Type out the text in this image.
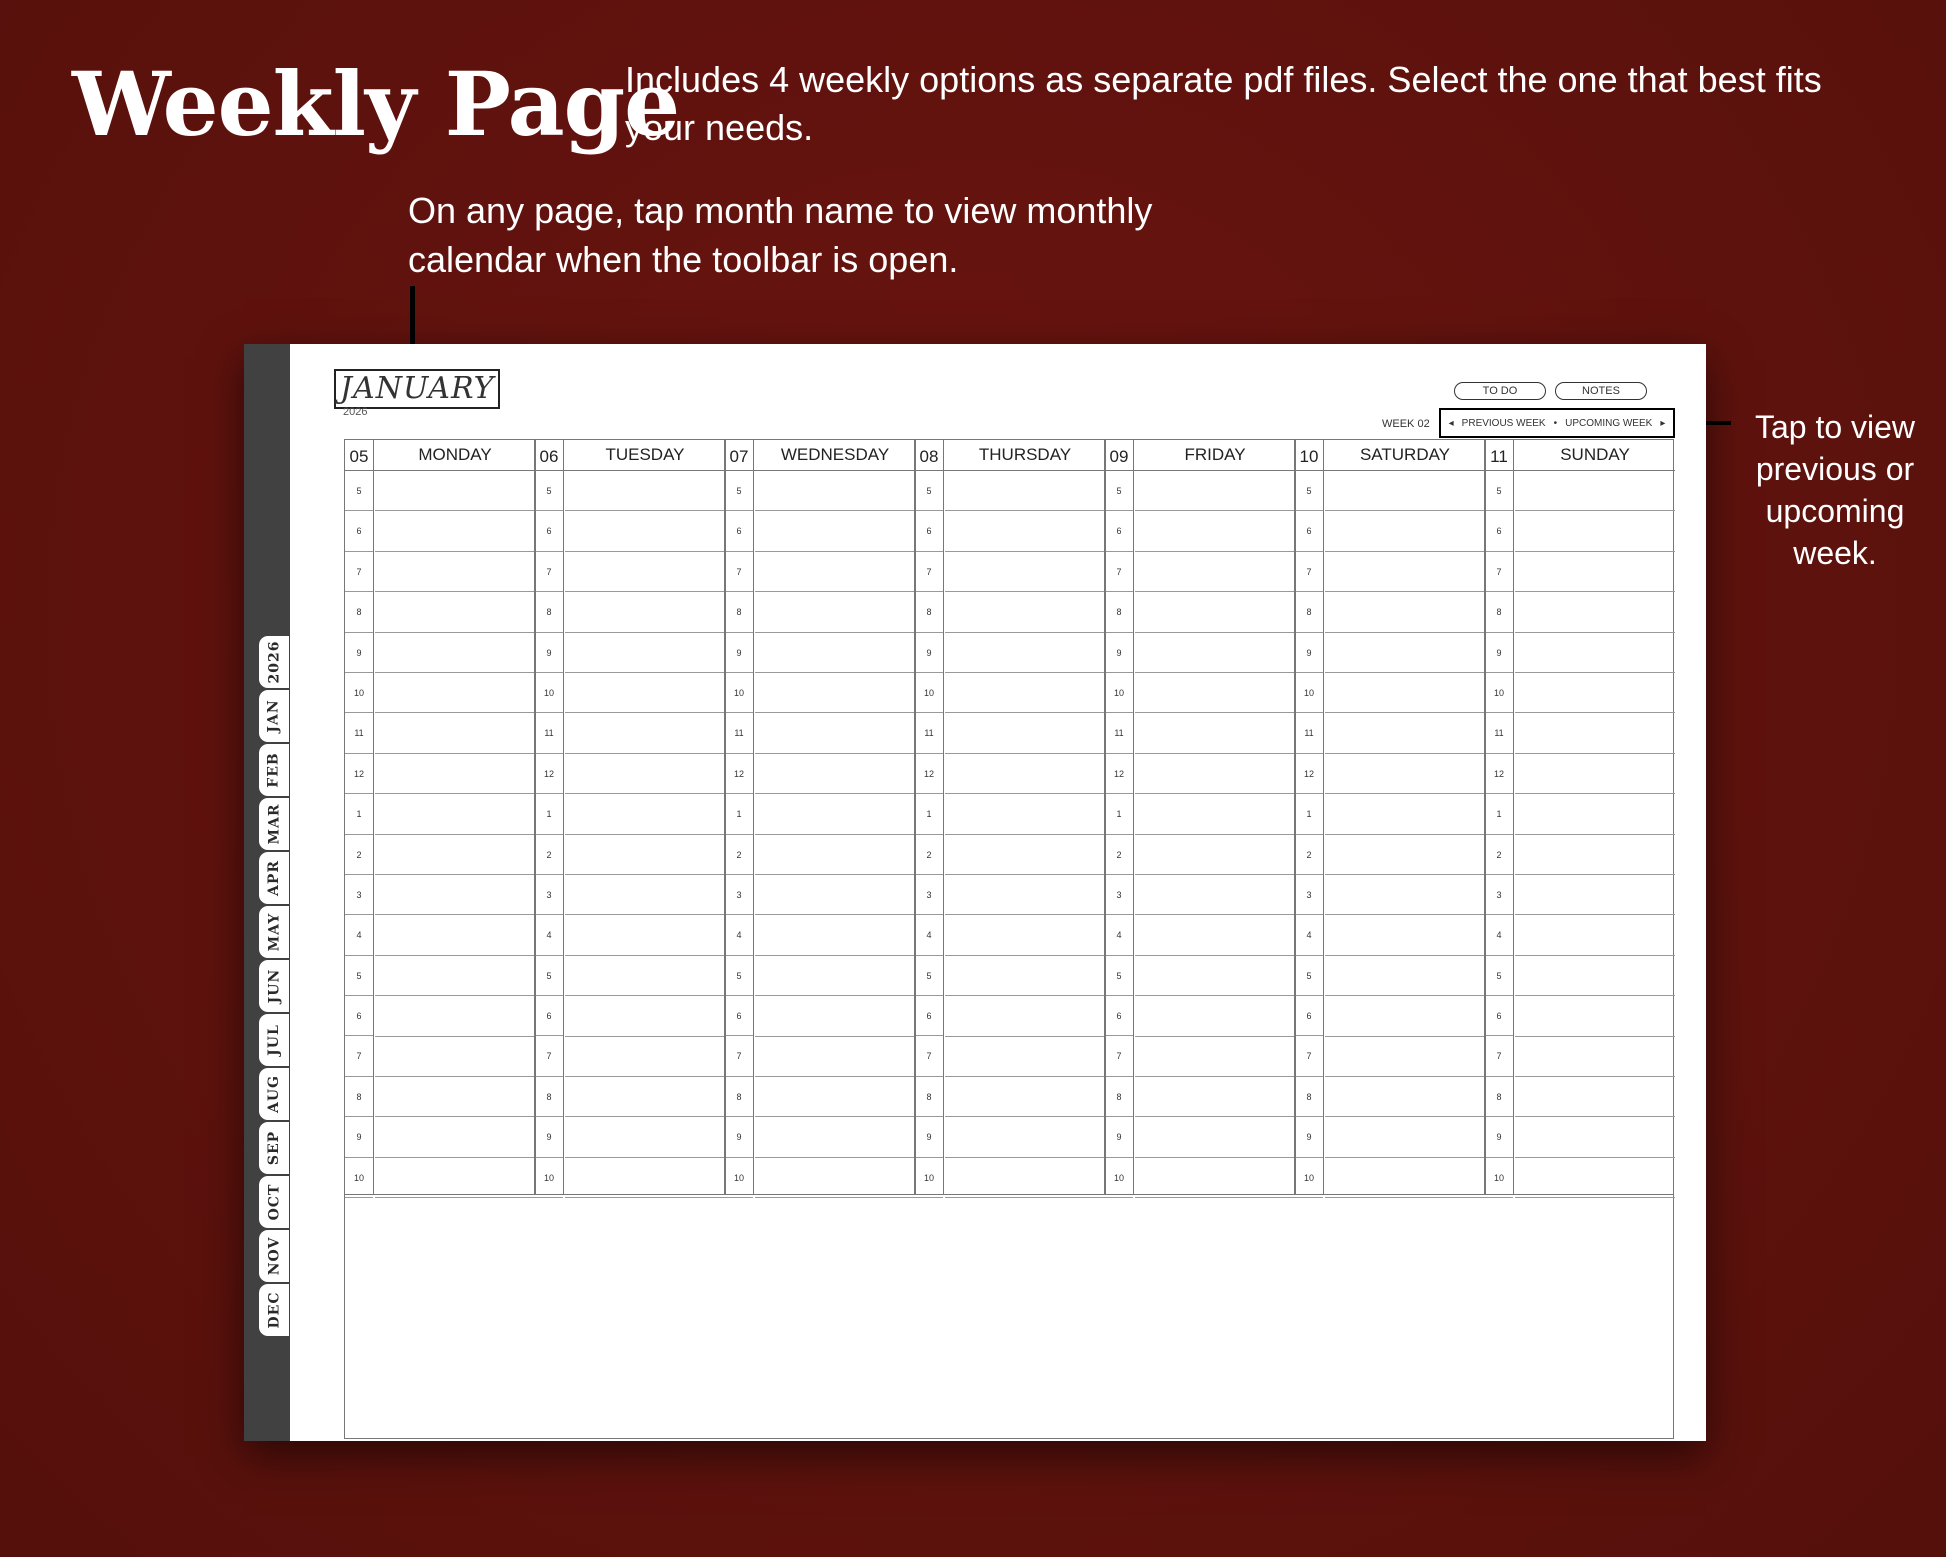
Weekly Page
Includes 4 weekly options as separate pdf files. Select the one that best fits your needs.
On any page, tap month name to view monthly calendar when the toolbar is open.
Tap to view previous or upcoming week.
2026
JAN
FEB
MAR
APR
MAY
JUN
JUL
AUG
SEP
OCT
NOV
DEC
JANUARY
2026
TO DO	NOTES
WEEK 02 ◂ PREVIOUS WEEK • UPCOMING WEEK ▸
05	MONDAY
5
6
7
8
9
10
11
12
1
2
3
4
5
6
7
8
9
10
06	TUESDAY
5
6
7
8
9
10
11
12
1
2
3
4
5
6
7
8
9
10
07	WEDNESDAY
5
6
7
8
9
10
11
12
1
2
3
4
5
6
7
8
9
10
08	THURSDAY
5
6
7
8
9
10
11
12
1
2
3
4
5
6
7
8
9
10
09	FRIDAY
5
6
7
8
9
10
11
12
1
2
3
4
5
6
7
8
9
10
10	SATURDAY
5
6
7
8
9
10
11
12
1
2
3
4
5
6
7
8
9
10
11	SUNDAY
5
6
7
8
9
10
11
12
1
2
3
4
5
6
7
8
9
10
